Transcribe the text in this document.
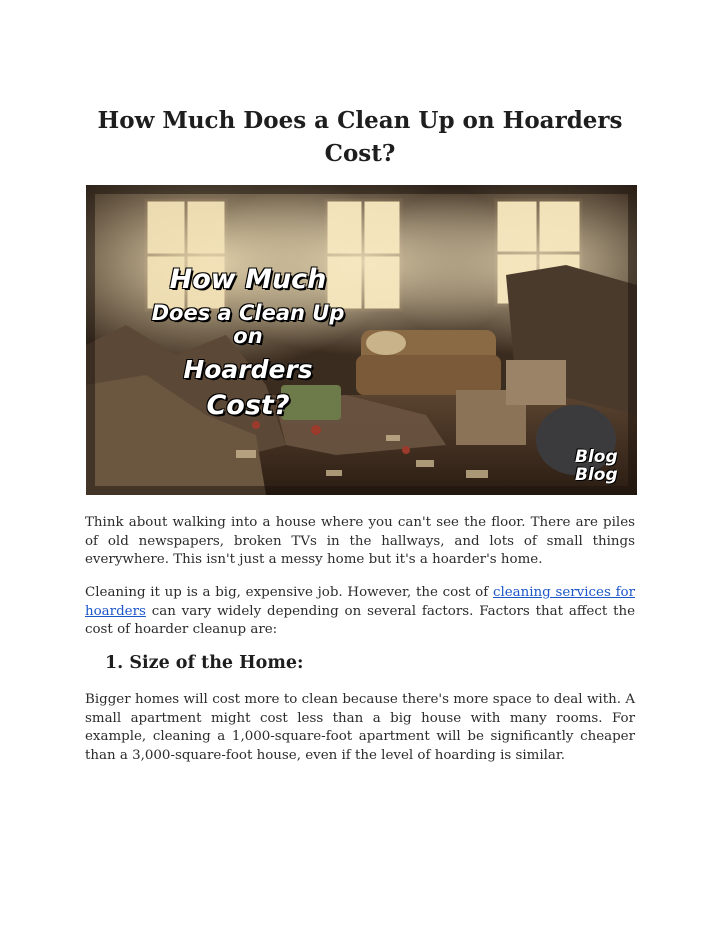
How Much Does a Clean Up on Hoarders Cost?
How Much
Does a Clean Up on
Hoarders
Cost?
Blog
Blog

Think about walking into a house where you can't see the floor. There are piles of old newspapers, broken TVs in the hallways, and lots of small things everywhere. This isn't just a messy home but it's a hoarder's home.

Cleaning it up is a big, expensive job. However, the cost of cleaning services for hoarders can vary widely depending on several factors. Factors that affect the cost of hoarder cleanup are:

1. Size of the Home:

Bigger homes will cost more to clean because there's more space to deal with. A small apartment might cost less than a big house with many rooms. For example, cleaning a 1,000-square-foot apartment will be significantly cheaper than a 3,000-square-foot house, even if the level of hoarding is similar.
